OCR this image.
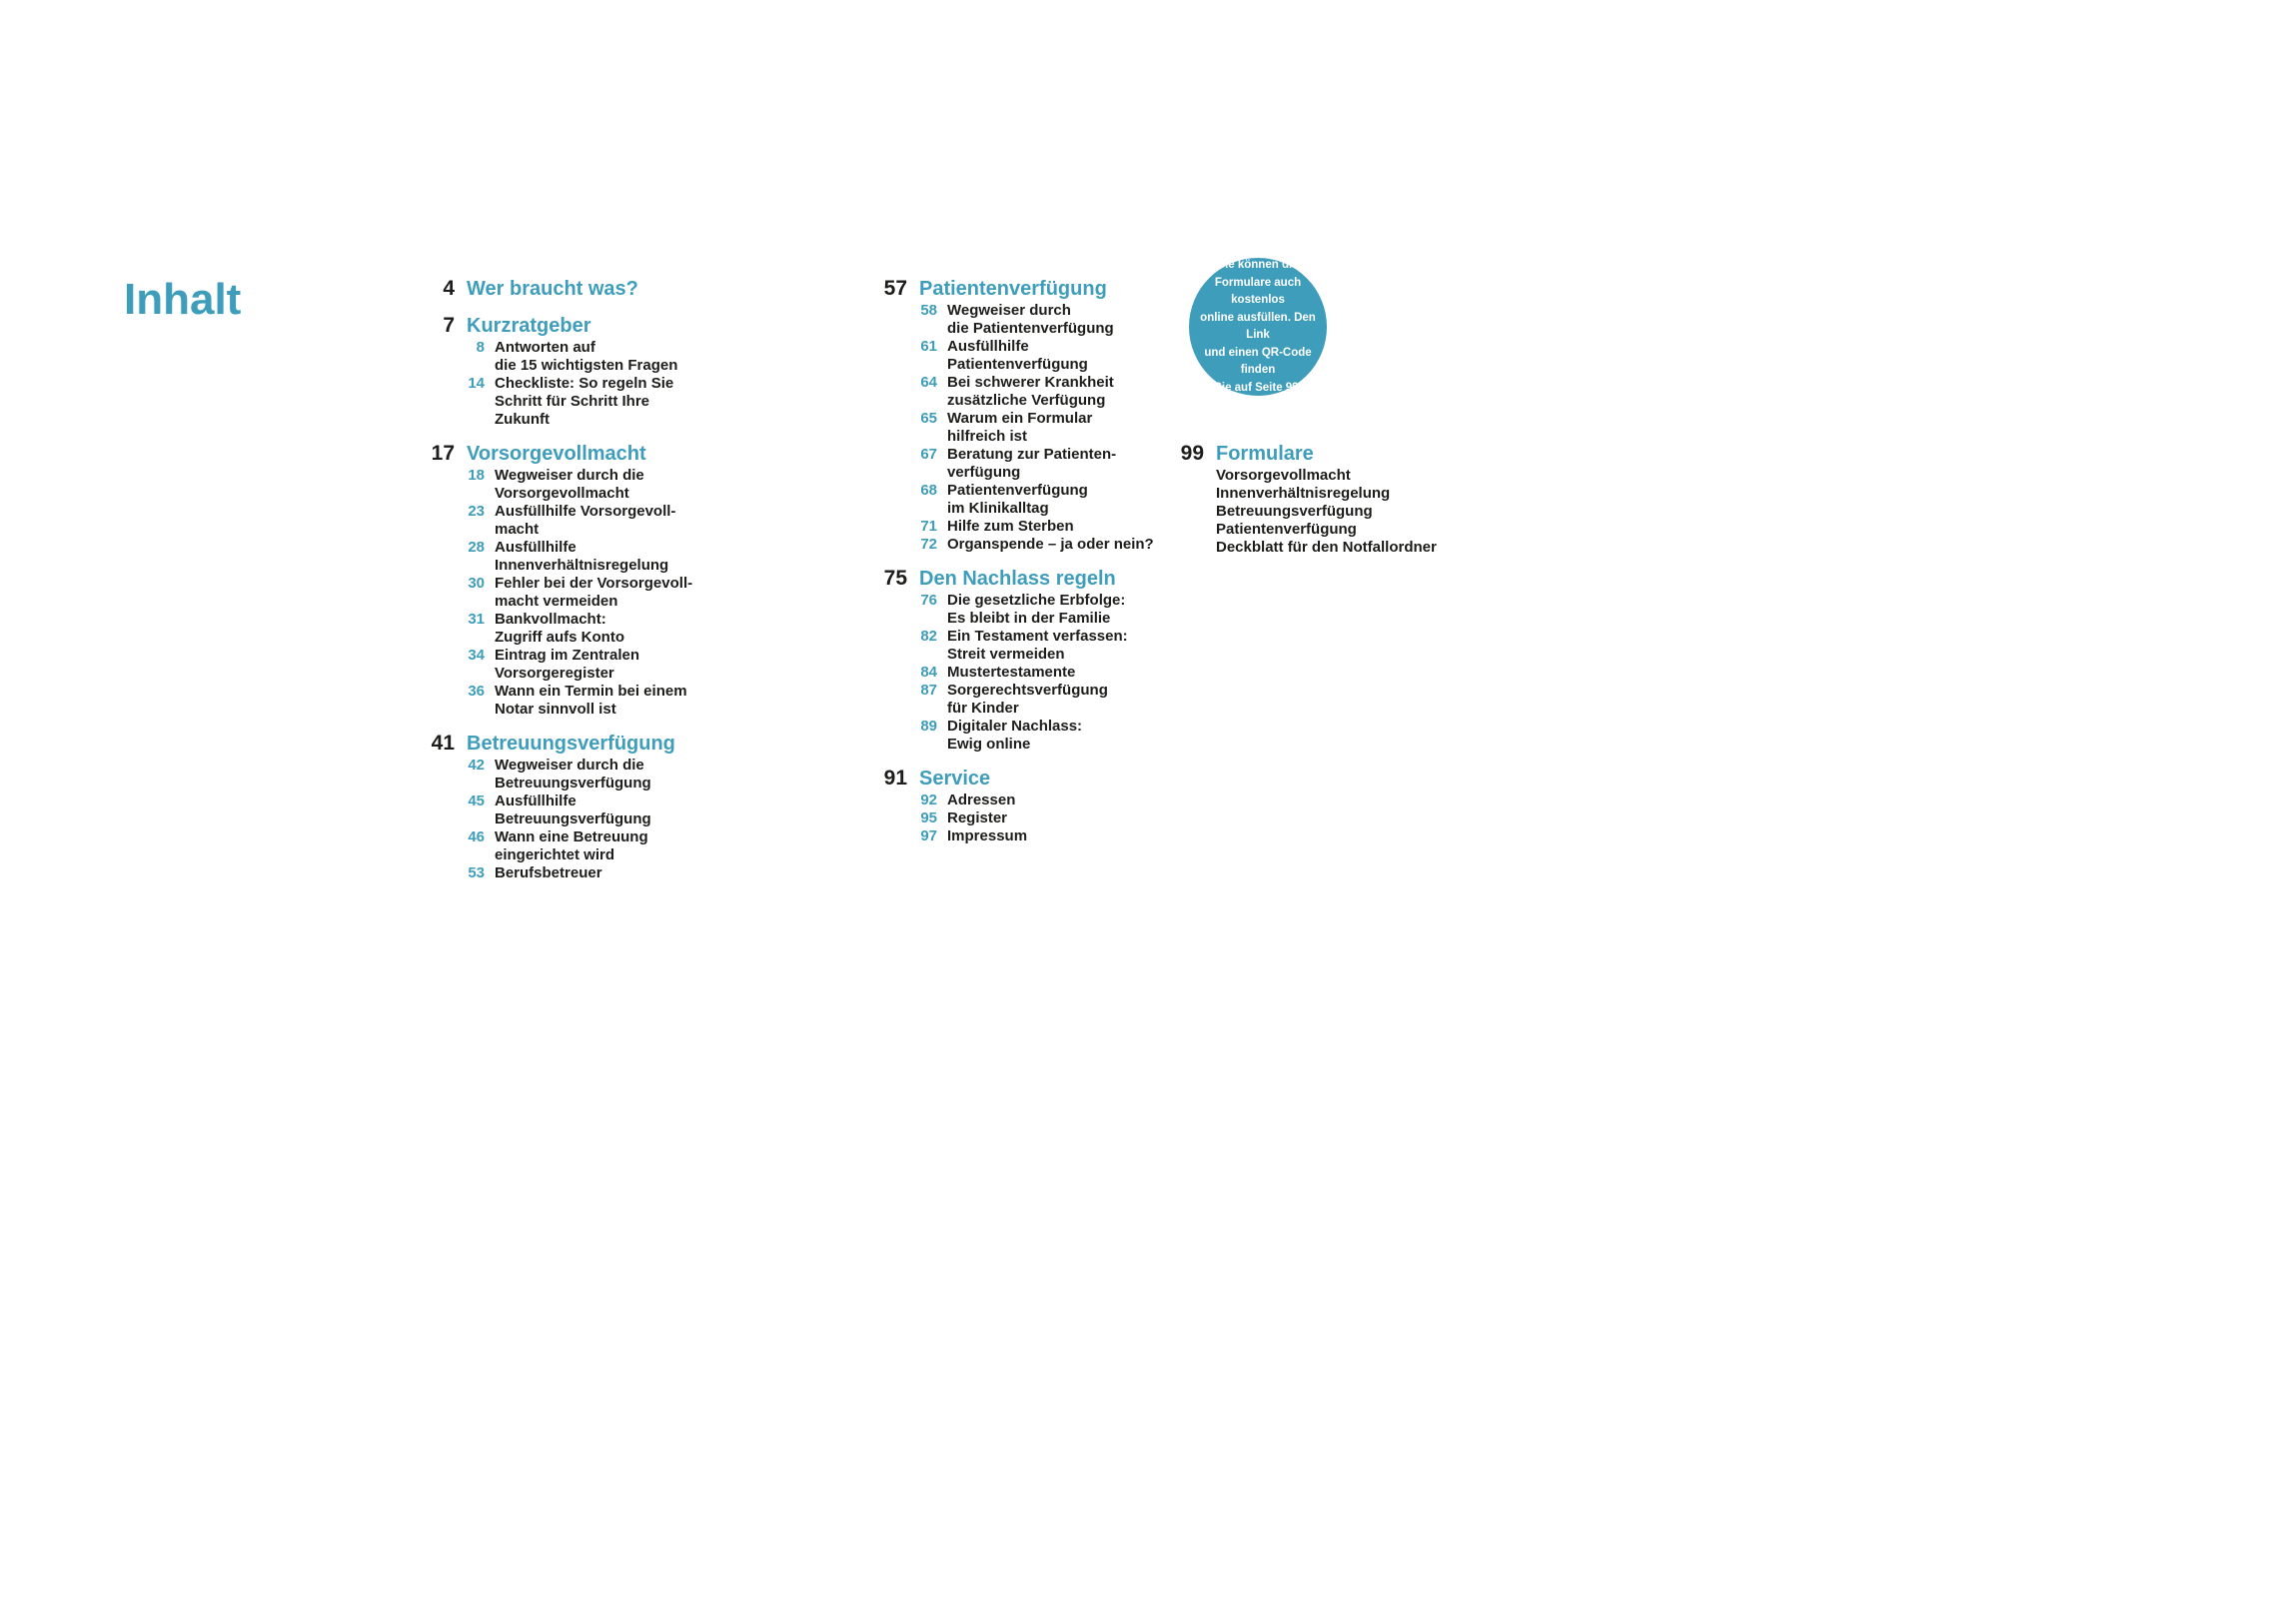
Inhalt	4 Wer braucht was?
7 Kurzratgeber
8 Antworten auf
die 15 wichtigsten Fragen
14 Checkliste: So regeln Sie
Schritt für Schritt Ihre
Zukunft
17 Vorsorgevollmacht
18 Wegweiser durch die
Vorsorgevollmacht
23 Ausfüllhilfe Vorsorgevoll-
macht
28 Ausfüllhilfe
Innenverhältnisregelung
30 Fehler bei der Vorsorgevoll-
macht vermeiden
31 Bankvollmacht:
Zugriff aufs Konto
34 Eintrag im Zentralen
Vorsorgeregister
36 Wann ein Termin bei einem
Notar sinnvoll ist
41 Betreuungsverfügung
42 Wegweiser durch die
Betreuungsverfügung
45 Ausfüllhilfe
Betreuungsverfügung
46 Wann eine Betreuung
eingerichtet wird
53 Berufsbetreuer
57 Patientenverfügung
58 Wegweiser durch
die Patientenverfügung
61 Ausfüllhilfe
Patientenverfügung
64 Bei schwerer Krankheit
zusätzliche Verfügung
65 Warum ein Formular
hilfreich ist
67 Beratung zur Patienten-
verfügung
68 Patientenverfügung
im Klinikalltag
71 Hilfe zum Sterben
72 Organspende – ja oder nein?
75 Den Nachlass regeln
76 Die gesetzliche Erbfolge:
Es bleibt in der Familie
82 Ein Testament verfassen:
Streit vermeiden
84 Mustertestamente
87 Sorgerechtsverfügung
für Kinder
89 Digitaler Nachlass:
Ewig online
91 Service
92 Adressen
95 Register
97 Impressum
99 Formulare
Vorsorgevollmacht
Innenverhältnisregelung
Betreuungsverfügung
Patientenverfügung
Deckblatt für den Notfallordner
Sie können die
Formulare auch kostenlos
online ausfüllen. Den Link
und einen QR-Code finden
Sie auf Seite 99.
